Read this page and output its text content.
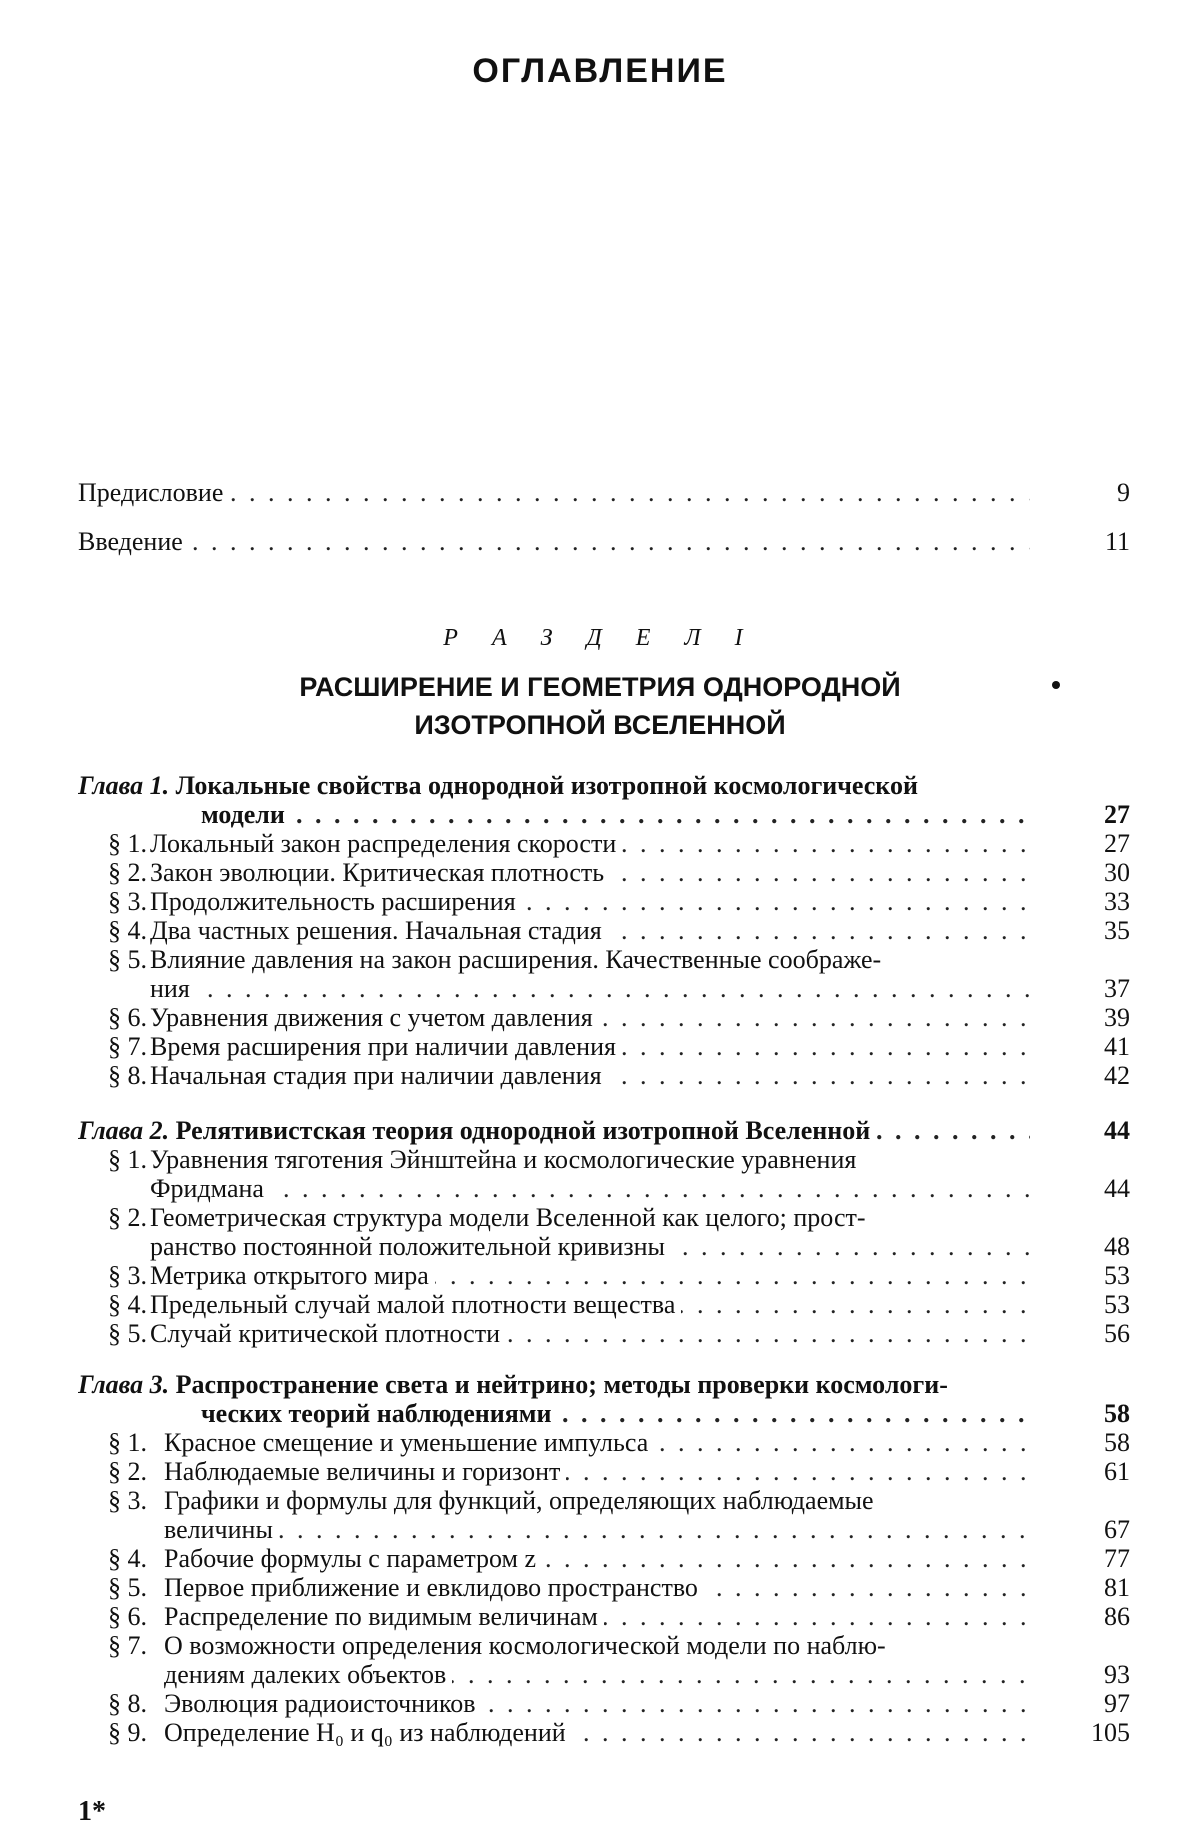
ОГЛАВЛЕНИЕ
Предисловие . . .	9
Введение . . .	11
Р А З Д Е Л I
РАСШИРЕНИЕ И ГЕОМЕТРИЯ ОДНОРОДНОЙ
ИЗОТРОПНОЙ ВСЕЛЕННОЙ
Глава 1. Локальные свойства однородной изотропной космологической
модели . . .	27
§ 1. Локальный закон распределения скорости . . .	27
§ 2. Закон эволюции. Критическая плотность . . .	30
§ 3. Продолжительность расширения . . .	33
§ 4. Два частных решения. Начальная стадия . . .	35
§ 5. Влияние давления на закон расширения. Качественные соображе-
ния . . .	37
§ 6. Уравнения движения с учетом давления . . .	39
§ 7. Время расширения при наличии давления . . .	41
§ 8. Начальная стадия при наличии давления . . .	42
Глава 2. Релятивистская теория однородной изотропной Вселенной . . .	44
§ 1. Уравнения тяготения Эйнштейна и космологические уравнения
Фридмана . . .	44
§ 2. Геометрическая структура модели Вселенной как целого; прост-
ранство постоянной положительной кривизны . . .	48
§ 3. Метрика открытого мира . . .	53
§ 4. Предельный случай малой плотности вещества . . .	53
§ 5. Случай критической плотности . . .	56
Глава 3. Распространение света и нейтрино; методы проверки космологи-
ческих теорий наблюдениями . . .	58
§ 1. Красное смещение и уменьшение импульса . . .	58
§ 2. Наблюдаемые величины и горизонт . . .	61
§ 3. Графики и формулы для функций, определяющих наблюдаемые
величины . . .	67
§ 4. Рабочие формулы с параметром z . . .	77
§ 5. Первое приближение и евклидово пространство . . .	81
§ 6. Распределение по видимым величинам . . .	86
§ 7. О возможности определения космологической модели по наблю-
дениям далеких объектов . . .	93
§ 8. Эволюция радиоисточников . . .	97
§ 9. Определение H₀ и q₀ из наблюдений . . .	105
1*
